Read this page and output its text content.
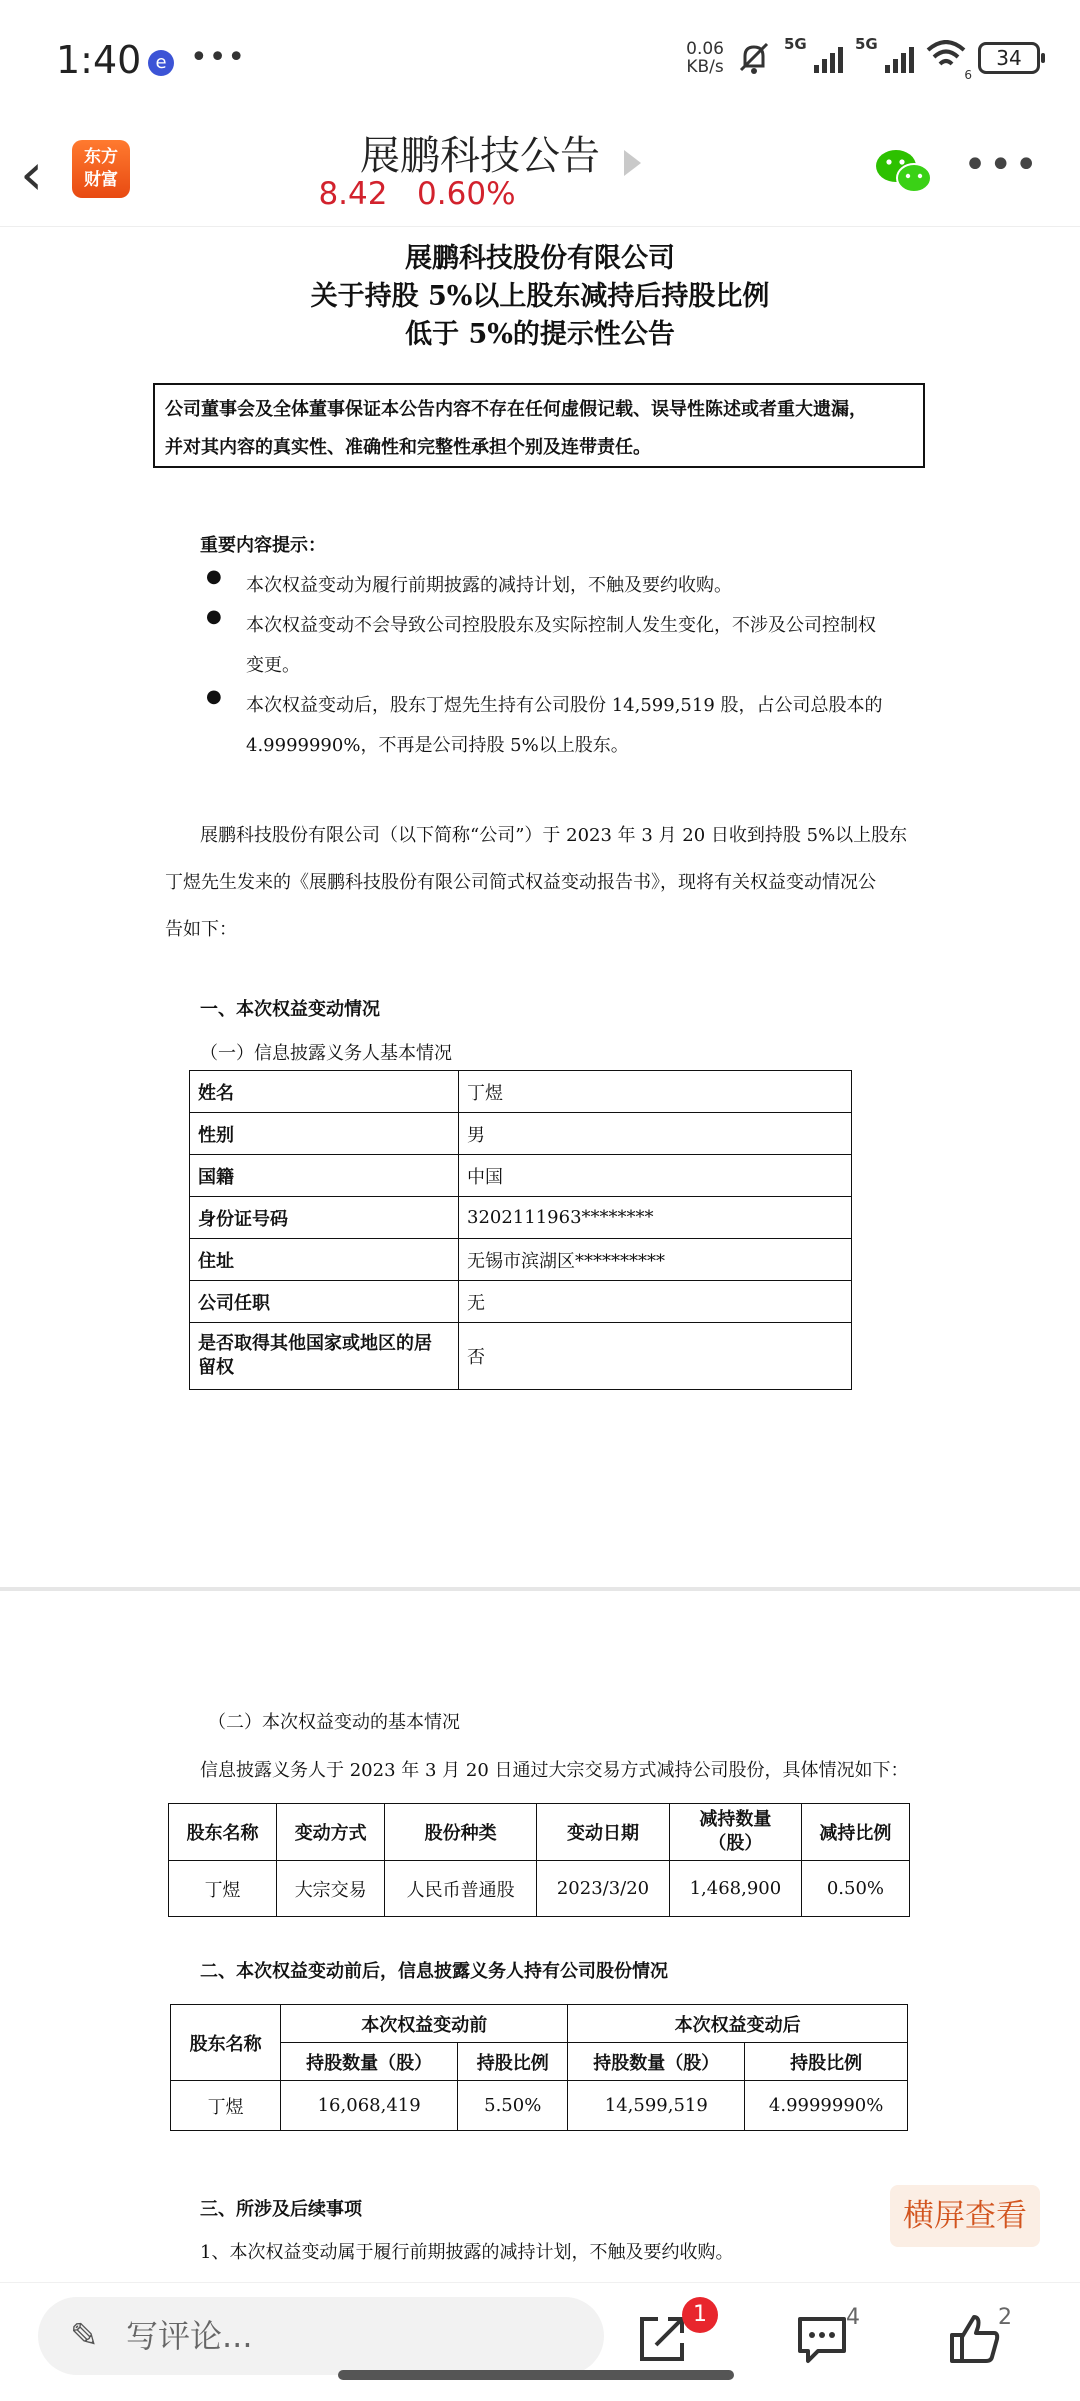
1:40 e •••	0.06
KB/s
5G	5G
6
34
‹	东方
财富
展鹏科技公告
8.42 0.60%
•••
展鹏科技股份有限公司
关于持股 5%以上股东减持后持股比例
低于 5%的提示性公告
公司董事会及全体董事保证本公告内容不存在任何虚假记载、误导性陈述或者重大遗漏，
并对其内容的真实性、准确性和完整性承担个别及连带责任。
重要内容提示：
● 本次权益变动为履行前期披露的减持计划，不触及要约收购。
● 本次权益变动不会导致公司控股股东及实际控制人发生变化，不涉及公司控制权
变更。
● 本次权益变动后，股东丁煜先生持有公司股份 14,599,519 股，占公司总股本的
4.9999990%，不再是公司持股 5%以上股东。
展鹏科技股份有限公司（以下简称“公司”）于 2023 年 3 月 20 日收到持股 5%以上股东
丁煜先生发来的《展鹏科技股份有限公司简式权益变动报告书》，现将有关权益变动情况公
告如下：
一、本次权益变动情况
（一）信息披露义务人基本情况
姓名	丁煜
性别	男
国籍	中国
身份证号码	3202111963********
住址	无锡市滨湖区**********
公司任职	无

是否取得其他国家或地区的居
留权	否
（二）本次权益变动的基本情况
信息披露义务人于 2023 年 3 月 20 日通过大宗交易方式减持公司股份，具体情况如下：
股东名称	变动方式	股份种类	变动日期	减持数量
（股）	减持比例
丁煜	大宗交易	人民币普通股	2023/3/20	1,468,900	0.50%
二、本次权益变动前后，信息披露义务人持有公司股份情况
股东名称	本次权益变动前		本次权益变动后	
	持股数量（股）	持股比例	持股数量（股）	持股比例
丁煜	16,068,419	5.50%	14,599,519	4.9999990%
三、所涉及后续事项
1、本次权益变动属于履行前期披露的减持计划，不触及要约收购。
横屏查看
✎ 写评论...
1	4	2
